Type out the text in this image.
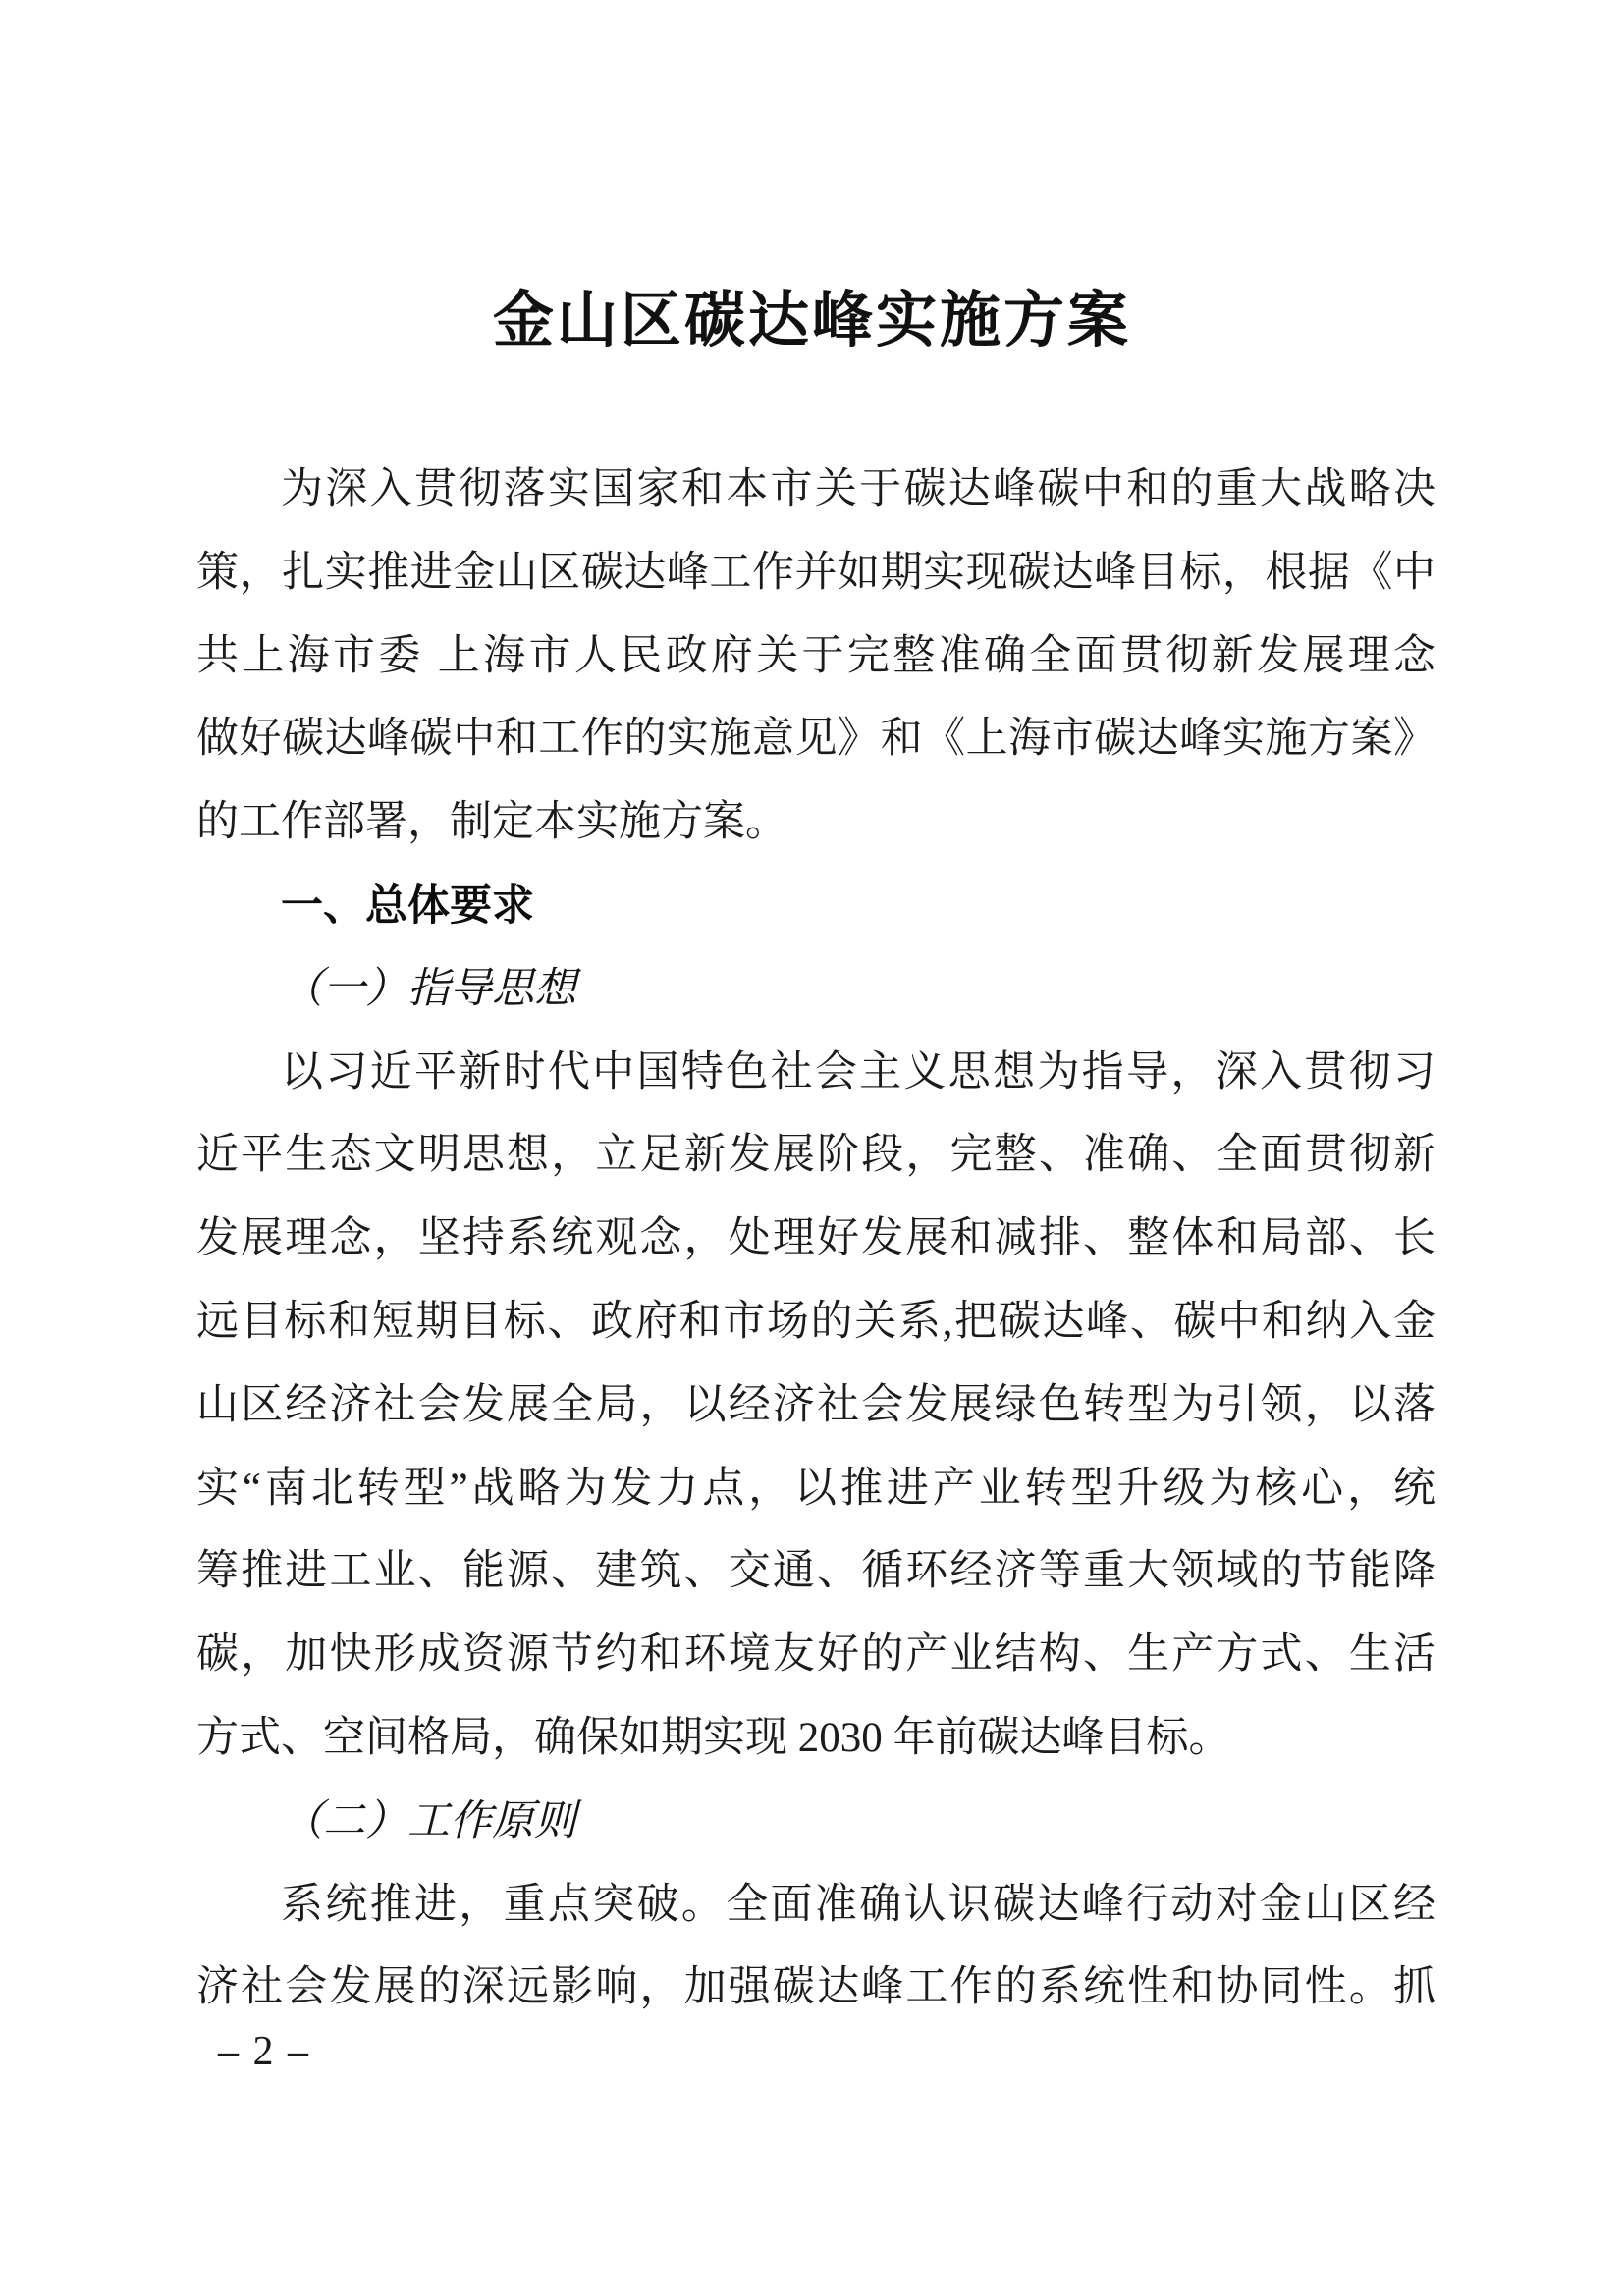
金山区碳达峰实施方案
为深入贯彻落实国家和本市关于碳达峰碳中和的重大战略决
策，扎实推进金山区碳达峰工作并如期实现碳达峰目标，根据《中
共上海市委 上海市人民政府关于完整准确全面贯彻新发展理念
做好碳达峰碳中和工作的实施意见》和《上海市碳达峰实施方案》
的工作部署，制定本实施方案。
一、总体要求
（一）指导思想
以习近平新时代中国特色社会主义思想为指导，深入贯彻习
近平生态文明思想，立足新发展阶段，完整、准确、全面贯彻新
发展理念，坚持系统观念，处理好发展和减排、整体和局部、长
远目标和短期目标、政府和市场的关系,把碳达峰、碳中和纳入金
山区经济社会发展全局，以经济社会发展绿色转型为引领，以落
实“南北转型”战略为发力点，以推进产业转型升级为核心，统
筹推进工业、能源、建筑、交通、循环经济等重大领域的节能降
碳，加快形成资源节约和环境友好的产业结构、生产方式、生活
方式、空间格局，确保如期实现 2030 年前碳达峰目标。
（二）工作原则
系统推进，重点突破。全面准确认识碳达峰行动对金山区经
济社会发展的深远影响，加强碳达峰工作的系统性和协同性。抓
– 2 –
